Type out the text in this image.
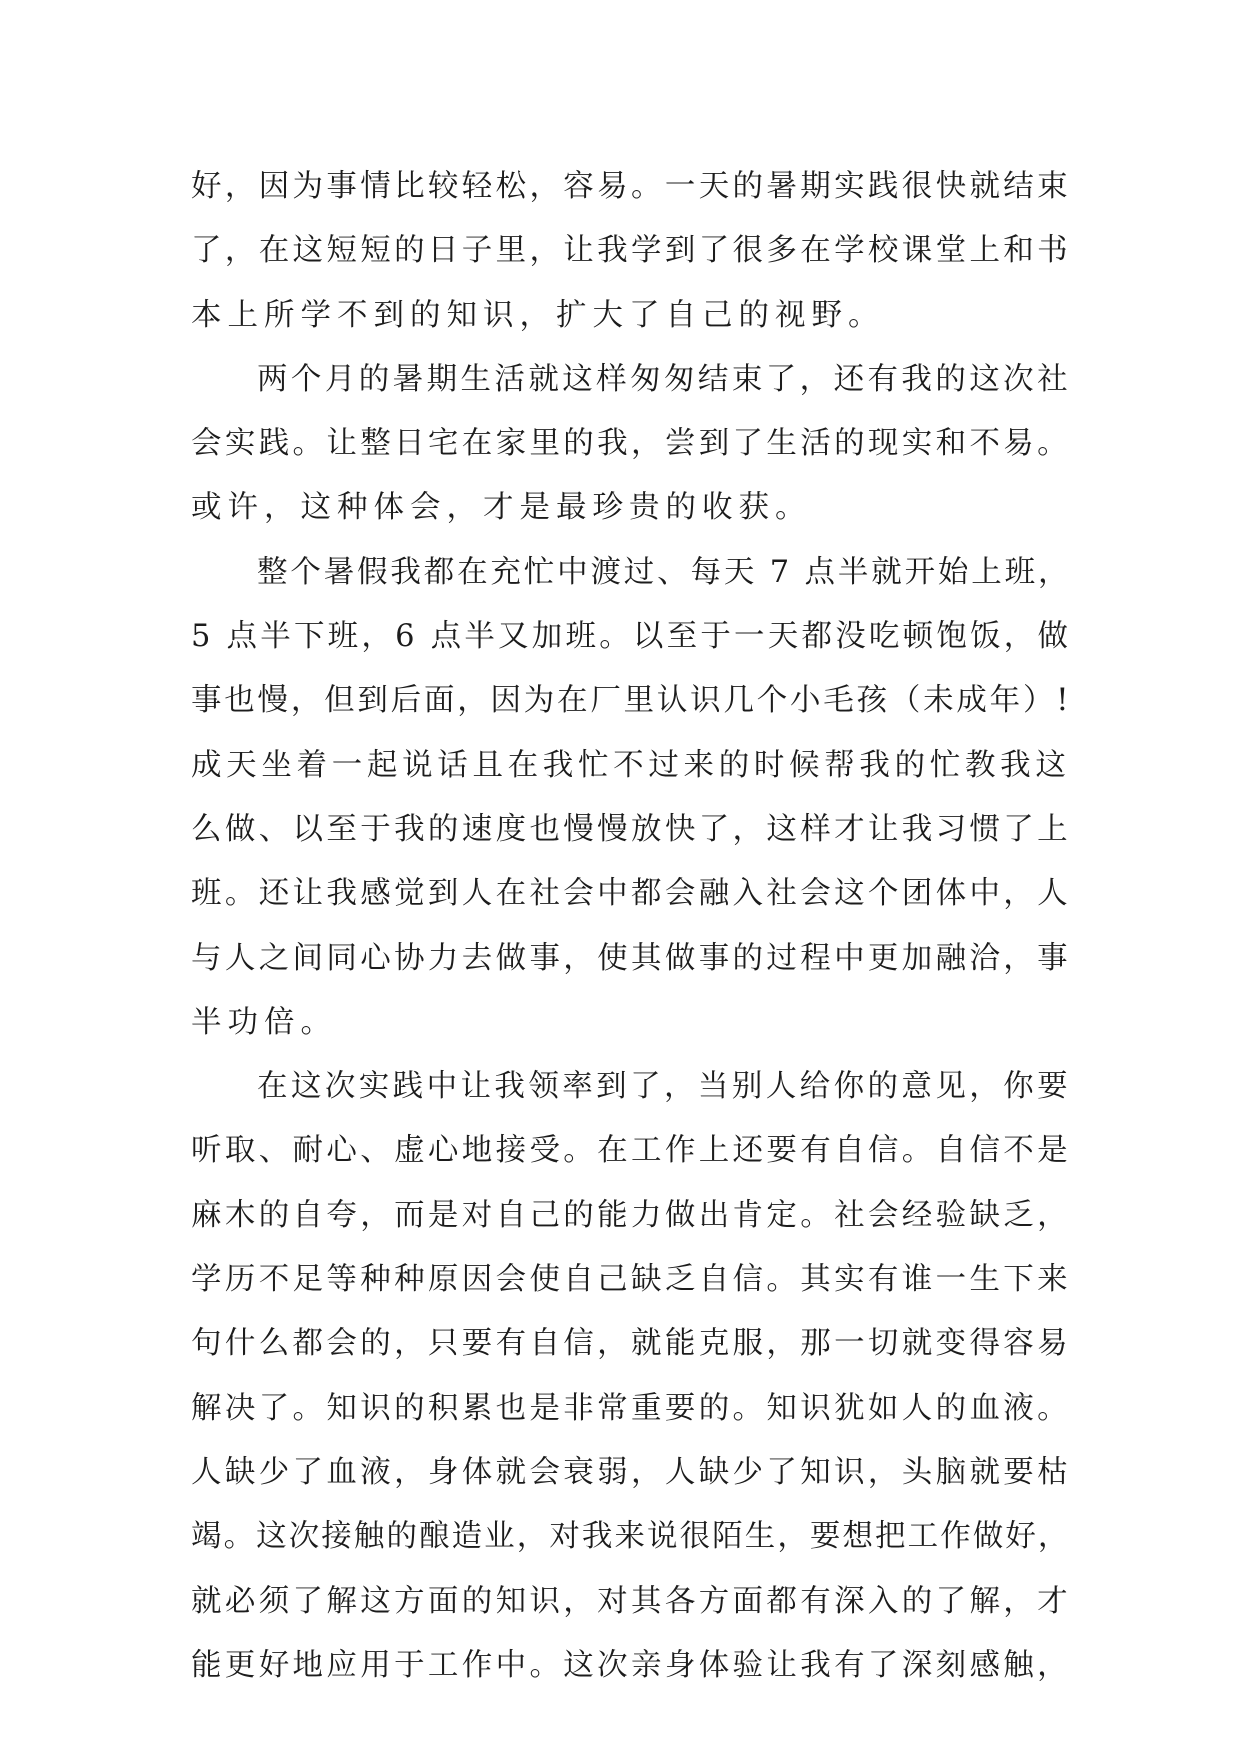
好，因为事情比较轻松，容易。一天的暑期实践很快就结束
了，在这短短的日子里，让我学到了很多在学校课堂上和书
本上所学不到的知识，扩大了自己的视野。
两个月的暑期生活就这样匆匆结束了，还有我的这次社
会实践。让整日宅在家里的我，尝到了生活的现实和不易。
或许，这种体会，才是最珍贵的收获。
整个暑假我都在充忙中渡过、每天 7 点半就开始上班，
5 点半下班，6 点半又加班。以至于一天都没吃顿饱饭，做
事也慢，但到后面，因为在厂里认识几个小毛孩（未成年）!
成天坐着一起说话且在我忙不过来的时候帮我的忙教我这
么做、以至于我的速度也慢慢放快了，这样才让我习惯了上
班。还让我感觉到人在社会中都会融入社会这个团体中，人
与人之间同心协力去做事，使其做事的过程中更加融洽，事
半功倍。
在这次实践中让我领率到了，当别人给你的意见，你要
听取、耐心、虚心地接受。在工作上还要有自信。自信不是
麻木的自夸，而是对自己的能力做出肯定。社会经验缺乏，
学历不足等种种原因会使自己缺乏自信。其实有谁一生下来
句什么都会的，只要有自信，就能克服，那一切就变得容易
解决了。知识的积累也是非常重要的。知识犹如人的血液。
人缺少了血液，身体就会衰弱，人缺少了知识，头脑就要枯
竭。这次接触的酿造业，对我来说很陌生，要想把工作做好，
就必须了解这方面的知识，对其各方面都有深入的了解，才
能更好地应用于工作中。这次亲身体验让我有了深刻感触，
